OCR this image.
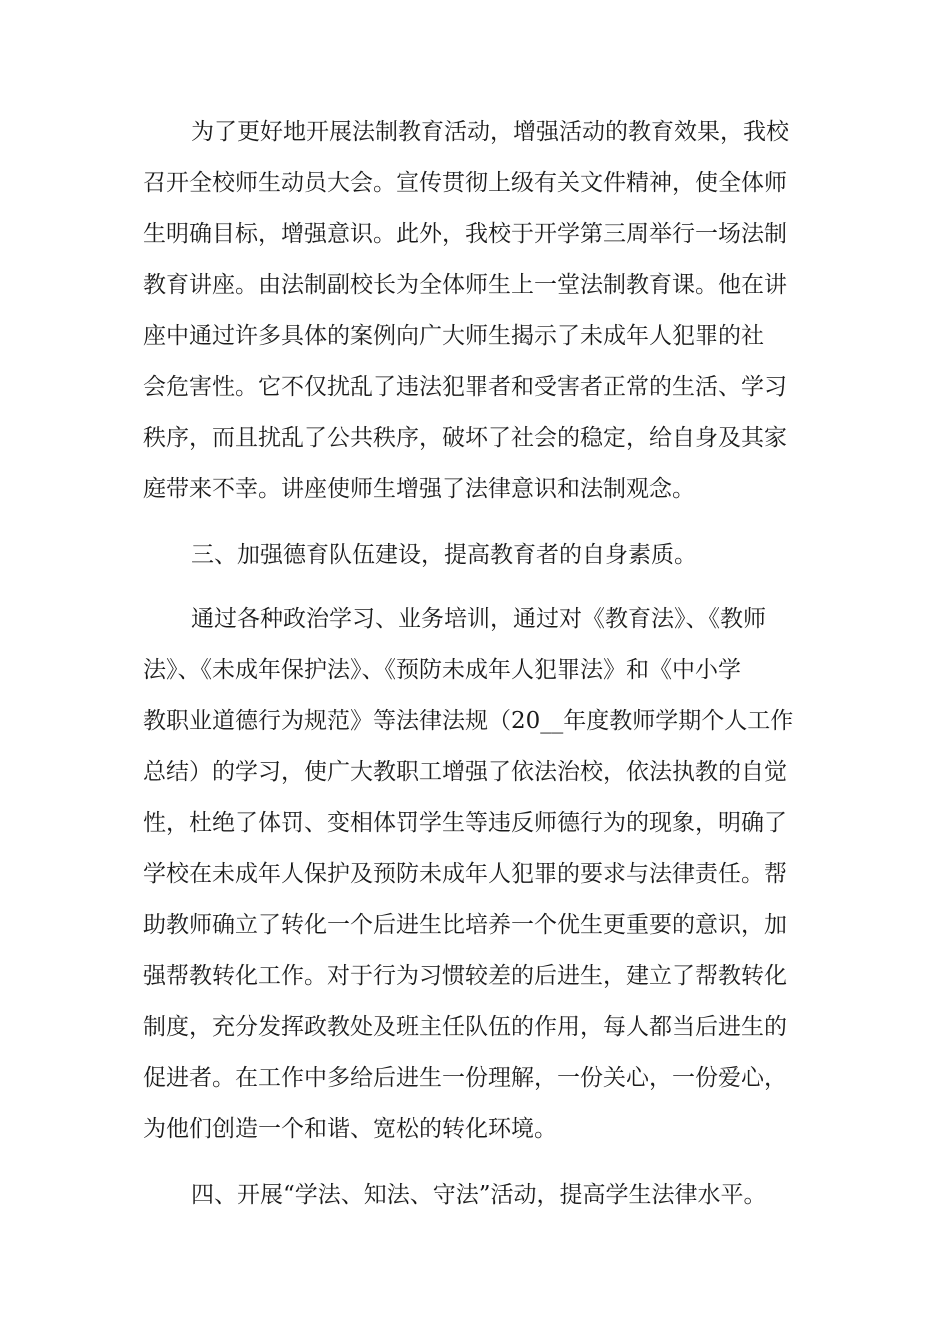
为了更好地开展法制教育活动，增强活动的教育效果，我校
召开全校师生动员大会。宣传贯彻上级有关文件精神，使全体师
生明确目标，增强意识。此外，我校于开学第三周举行一场法制
教育讲座。由法制副校长为全体师生上一堂法制教育课。他在讲
座中通过许多具体的案例向广大师生揭示了未成年人犯罪的社
会危害性。它不仅扰乱了违法犯罪者和受害者正常的生活、学习
秩序，而且扰乱了公共秩序，破坏了社会的稳定，给自身及其家
庭带来不幸。讲座使师生增强了法律意识和法制观念。
三、加强德育队伍建设，提高教育者的自身素质。
通过各种政治学习、业务培训，通过对《教育法》、《教师
法》、《未成年保护法》、《预防未成年人犯罪法》和《中小学
教职业道德行为规范》等法律法规（20__年度教师学期个人工作
总结）的学习，使广大教职工增强了依法治校，依法执教的自觉
性，杜绝了体罚、变相体罚学生等违反师德行为的现象，明确了
学校在未成年人保护及预防未成年人犯罪的要求与法律责任。帮
助教师确立了转化一个后进生比培养一个优生更重要的意识，加
强帮教转化工作。对于行为习惯较差的后进生，建立了帮教转化
制度，充分发挥政教处及班主任队伍的作用，每人都当后进生的
促进者。在工作中多给后进生一份理解，一份关心，一份爱心，
为他们创造一个和谐、宽松的转化环境。
四、开展“学法、知法、守法”活动，提高学生法律水平。
